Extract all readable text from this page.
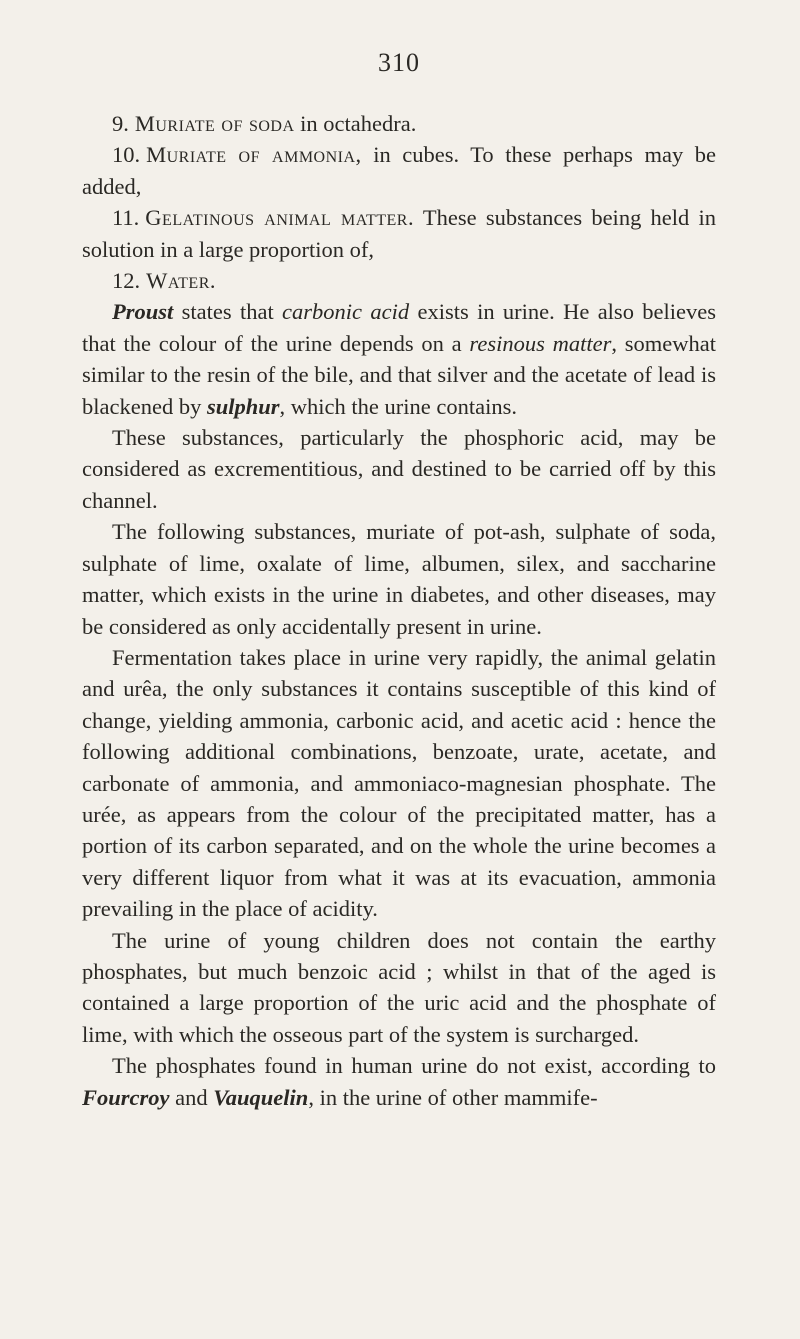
310

9. Muriate of soda in octahedra.

10. Muriate of ammonia, in cubes. To these perhaps may be added,

11. Gelatinous animal matter. These substances being held in solution in a large proportion of,

12. Water.

Proust states that carbonic acid exists in urine. He also believes that the colour of the urine depends on a resinous matter, somewhat similar to the resin of the bile, and that silver and the acetate of lead is blackened by sulphur, which the urine contains.

These substances, particularly the phosphoric acid, may be considered as excrementitious, and destined to be carried off by this channel.

The following substances, muriate of pot-ash, sulphate of soda, sulphate of lime, oxalate of lime, albumen, silex, and saccharine matter, which exists in the urine in diabetes, and other diseases, may be considered as only accidentally present in urine.

Fermentation takes place in urine very rapidly, the animal gelatin and urêa, the only substances it contains susceptible of this kind of change, yielding ammonia, carbonic acid, and acetic acid : hence the following additional combinations, benzoate, urate, acetate, and carbonate of ammonia, and ammoniaco-magnesian phosphate. The urée, as appears from the colour of the precipitated matter, has a portion of its carbon separated, and on the whole the urine becomes a very different liquor from what it was at its evacuation, ammonia prevailing in the place of acidity.

The urine of young children does not contain the earthy phosphates, but much benzoic acid ; whilst in that of the aged is contained a large proportion of the uric acid and the phosphate of lime, with which the osseous part of the system is surcharged.

The phosphates found in human urine do not exist, according to Fourcroy and Vauquelin, in the urine of other mammife-
